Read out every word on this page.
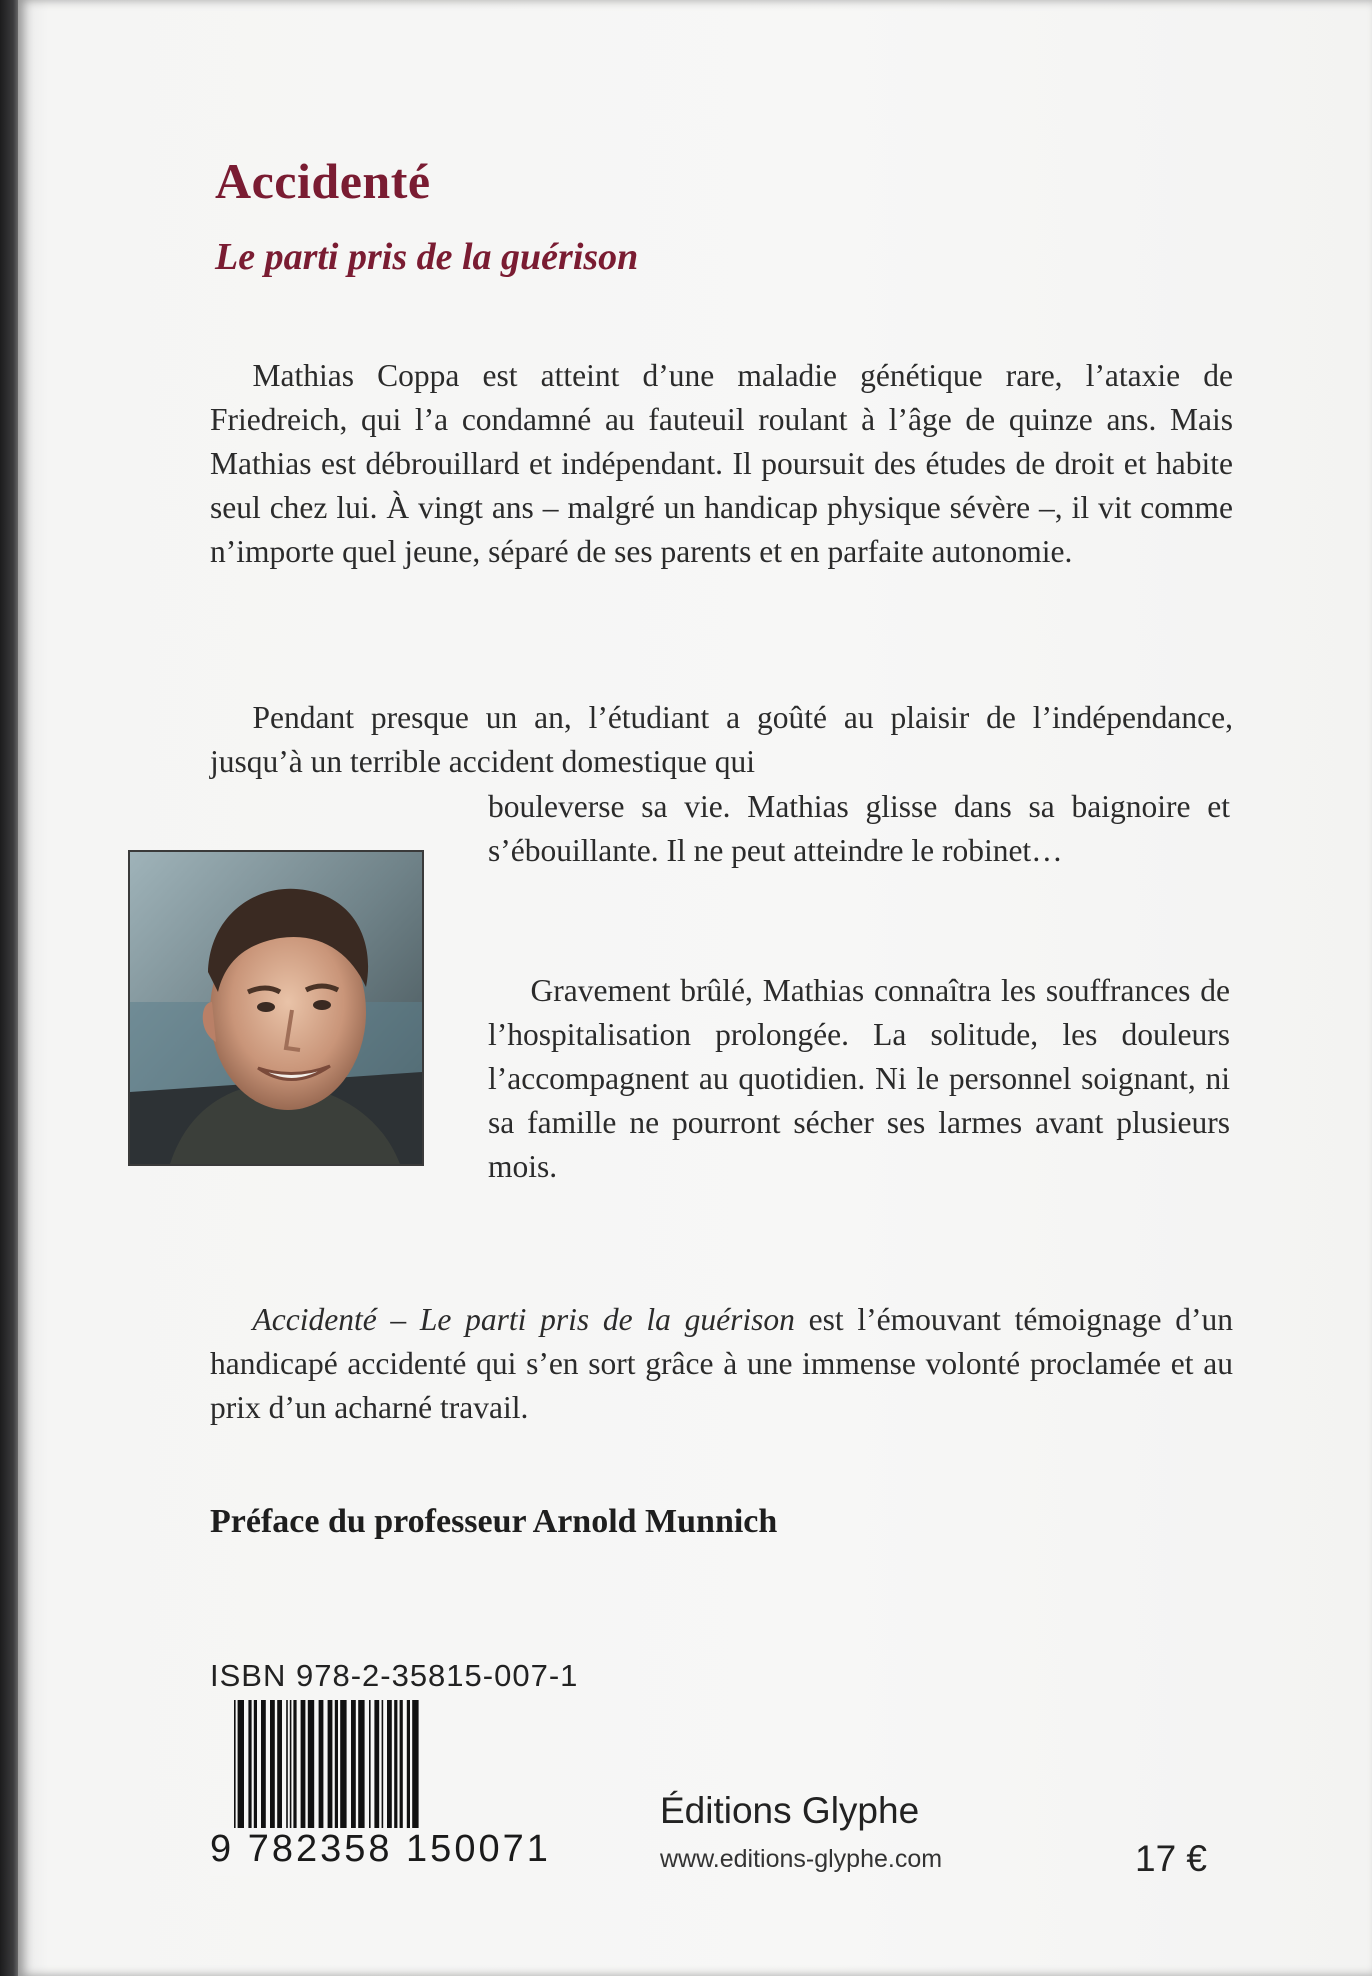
Accidenté
Le parti pris de la guérison

Mathias Coppa est atteint d’une maladie génétique rare, l’ataxie de Friedreich, qui l’a condamné au fauteuil roulant à l’âge de quinze ans. Mais Mathias est débrouillard et indépendant. Il poursuit des études de droit et habite seul chez lui. À vingt ans – malgré un handicap physique sévère –, il vit comme n’importe quel jeune, séparé de ses parents et en parfaite autonomie.

Pendant presque un an, l’étudiant a goûté au plaisir de l’indépendance, jusqu’à un terrible accident domestique qui

bouleverse sa vie. Mathias glisse dans sa baignoire et s’ébouillante. Il ne peut atteindre le robinet…

Gravement brûlé, Mathias connaîtra les souffrances de l’hospitalisation prolongée. La solitude, les douleurs l’accompagnent au quotidien. Ni le personnel soignant, ni sa famille ne pourront sécher ses larmes avant plusieurs mois.

Accidenté – Le parti pris de la guérison est l’émouvant témoignage d’un handicapé accidenté qui s’en sort grâce à une immense volonté proclamée et au prix d’un acharné travail.

Préface du professeur Arnold Munnich

ISBN 978-2-35815-007-1
9 782358 150071

Éditions Glyphe

www.editions-glyphe.com	17 €
